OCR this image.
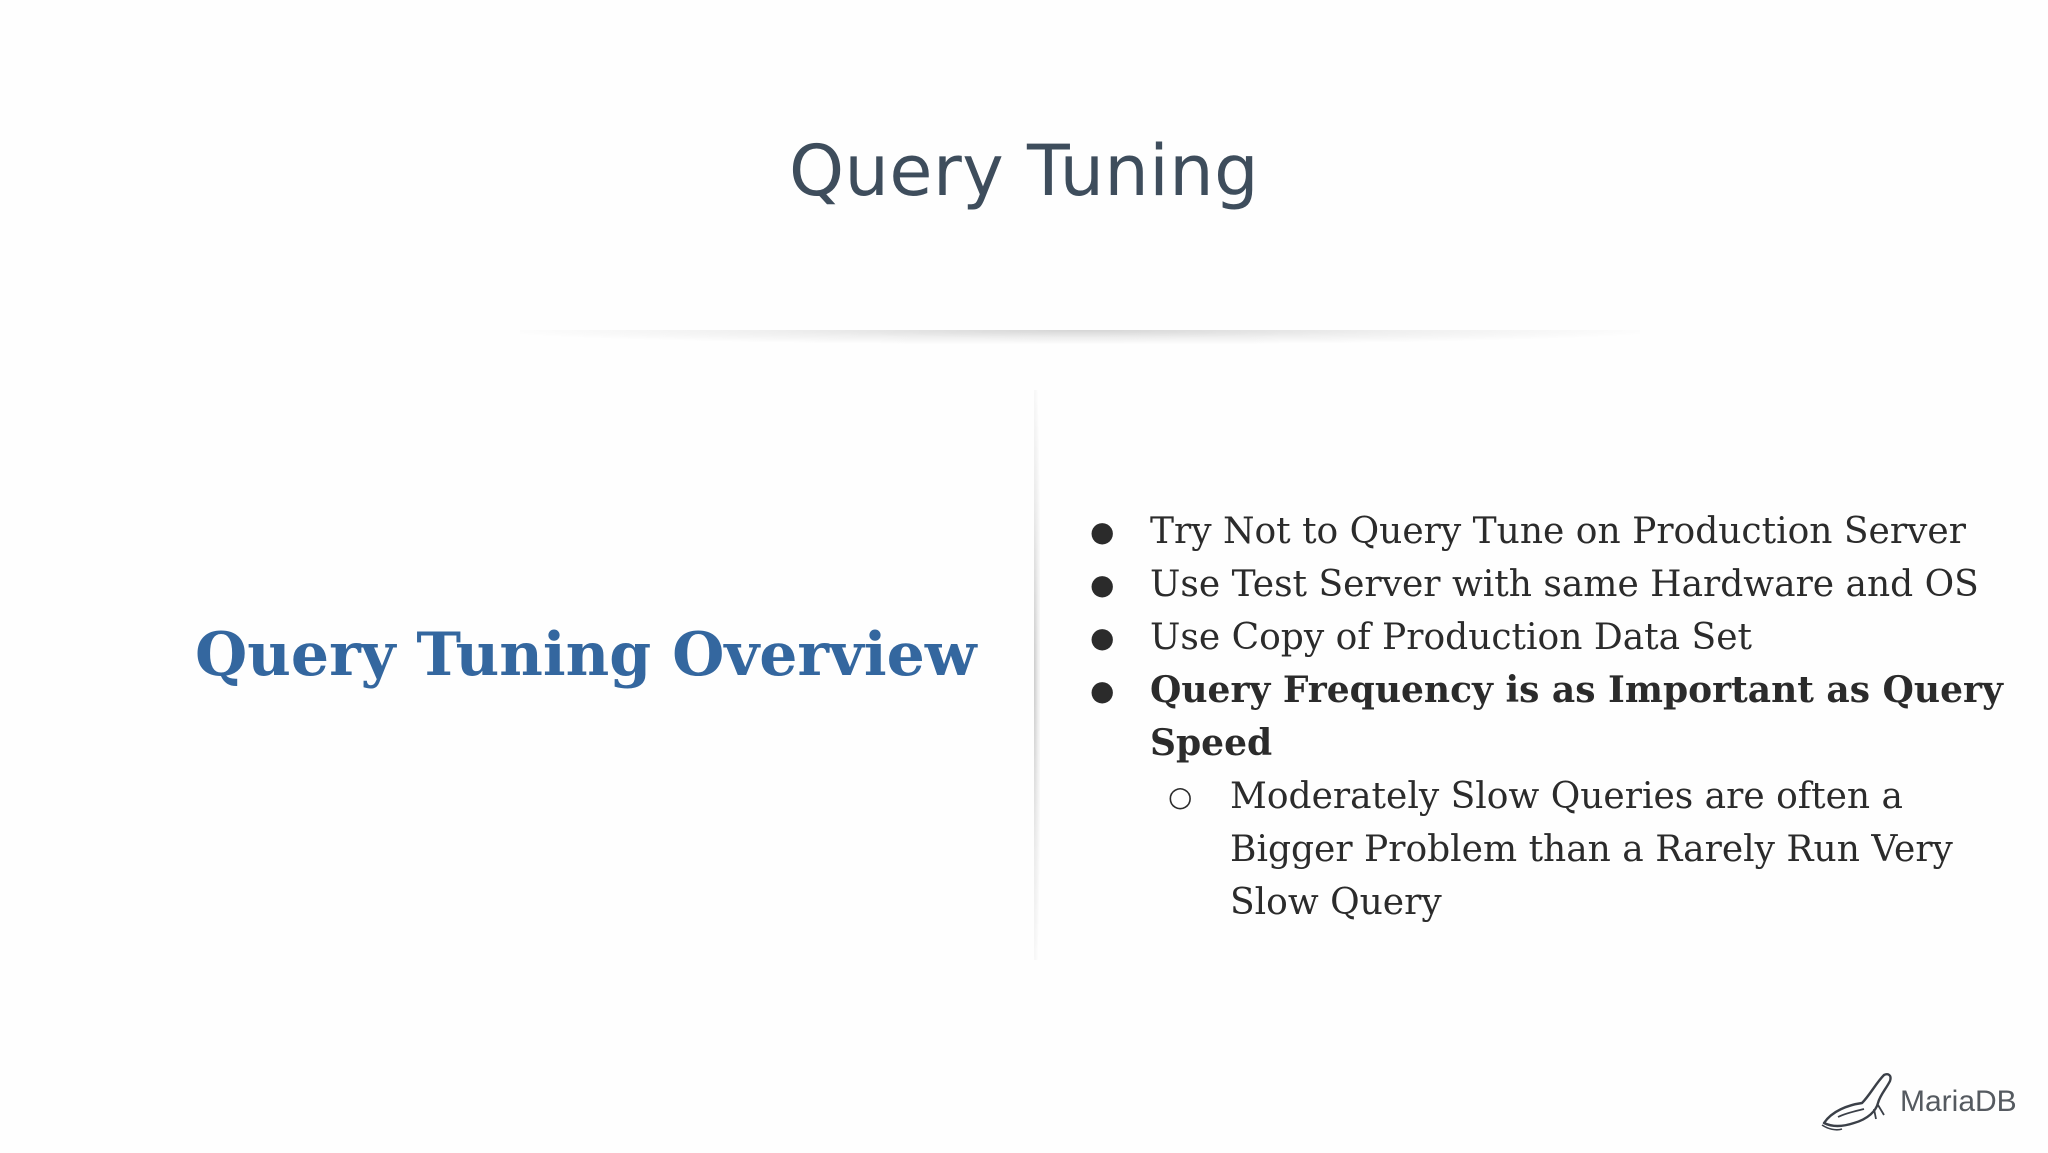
Query Tuning
Query Tuning Overview
● Try Not to Query Tune on Production Server
● Use Test Server with same Hardware and OS
● Use Copy of Production Data Set
● Query Frequency is as Important as Query Speed
○	Moderately Slow Queries are often a Bigger Problem than a Rarely Run Very Slow Query
MariaDB
